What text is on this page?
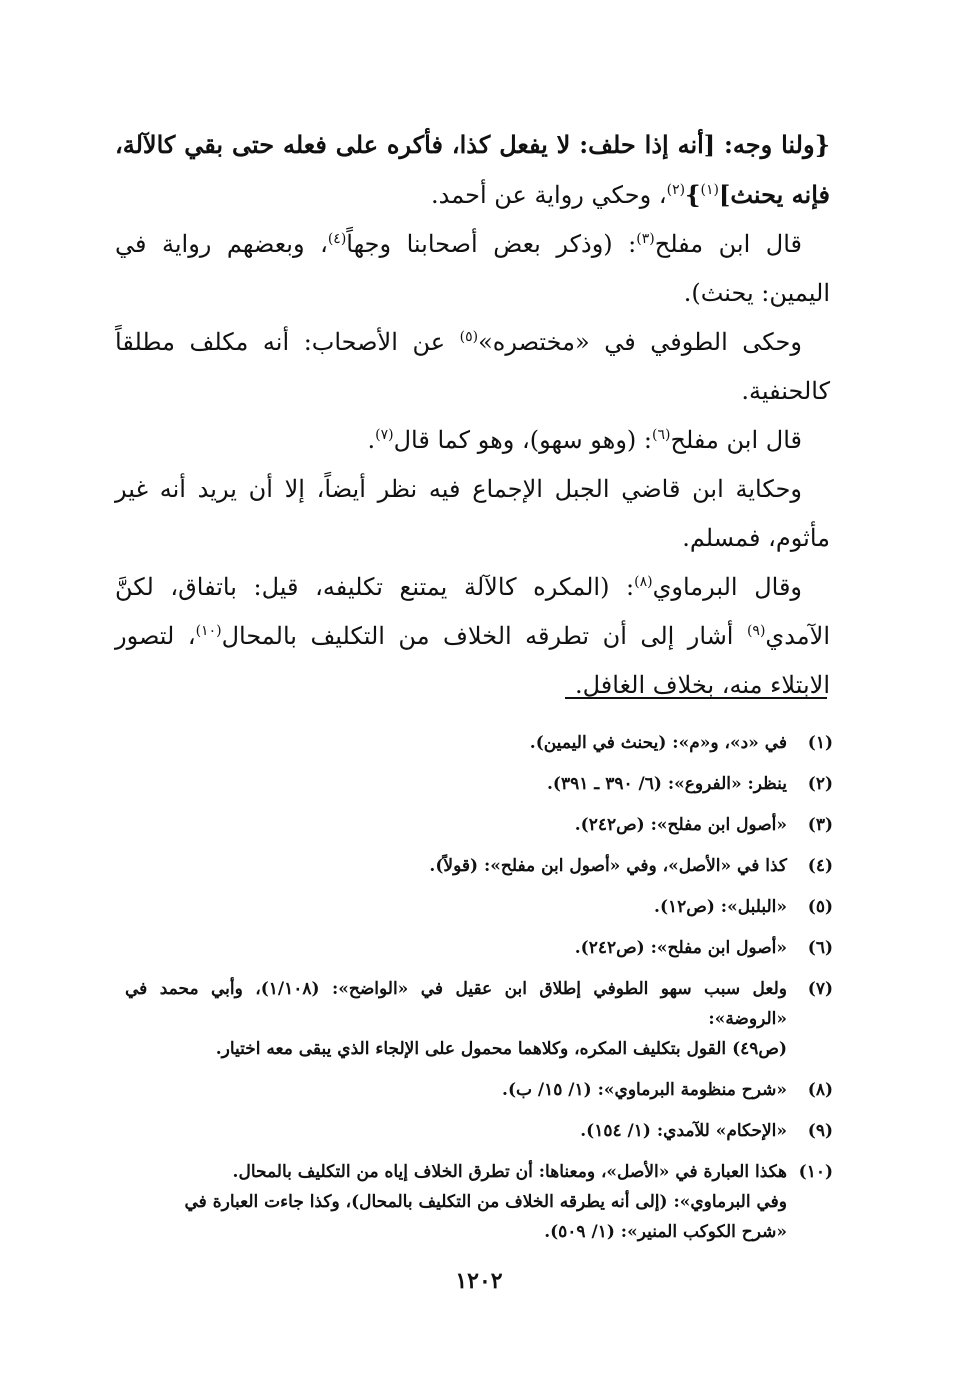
{ولنا وجه: [أنه إذا حلف: لا يفعل كذا، فأكره على فعله حتى بقي كالآلة، فإنه يحنث]$^{(١)}$}$^{(٢)}$، وحكي رواية عن أحمد.

قال ابن مفلح$^{(٣)}$: (وذكر بعض أصحابنا وجهاً$^{(٤)}$، وبعضهم رواية في اليمين: يحنث).

وحكى الطوفي في «مختصره»$^{(٥)}$ عن الأصحاب: أنه مكلف مطلقاً كالحنفية.

قال ابن مفلح$^{(٦)}$: (وهو سهو)، وهو كما قال$^{(٧)}$.

وحكاية ابن قاضي الجبل الإجماع فيه نظر أيضاً، إلا أن يريد أنه غير مأثوم، فمسلم.

وقال البرماوي$^{(٨)}$: (المكره كالآلة يمتنع تكليفه، قيل: باتفاق، لكنَّ الآمدي$^{(٩)}$ أشار إلى أن تطرقه الخلاف من التكليف بالمحال$^{(١٠)}$، لتصور الابتلاء منه، بخلاف الغافل.

(١)
في «د»، و«م»: (يحنث في اليمين).
(٢)
ينظر: «الفروع»: (٦/ ٣٩٠ ـ ٣٩١).
(٣)
«أصول ابن مفلح»: (ص٢٤٢).
(٤)
كذا في «الأصل»، وفي «أصول ابن مفلح»: (قولاً).
(٥)
«البلبل»: (ص١٢).
(٦)
«أصول ابن مفلح»: (ص٢٤٢).
(٧)
ولعل سبب سهو الطوفي إطلاق ابن عقيل في «الواضح»: (١/١٠٨)، وأبي محمد في «الروضة»:
(ص٤٩) القول بتكليف المكره، وكلاهما محمول على الإلجاء الذي يبقى معه اختيار.
(٨)
«شرح منظومة البرماوي»: (١/ ١٥/ ب).
(٩)
«الإحكام» للآمدي: (١/ ١٥٤).
(١٠)
هكذا العبارة في «الأصل»، ومعناها: أن تطرق الخلاف إياه من التكليف بالمحال.
وفي البرماوي»: (إلى أنه يطرقه الخلاف من التكليف بالمحال)، وكذا جاءت العبارة في
«شرح الكوكب المنير»: (١/ ٥٠٩).
١٢٠٢
